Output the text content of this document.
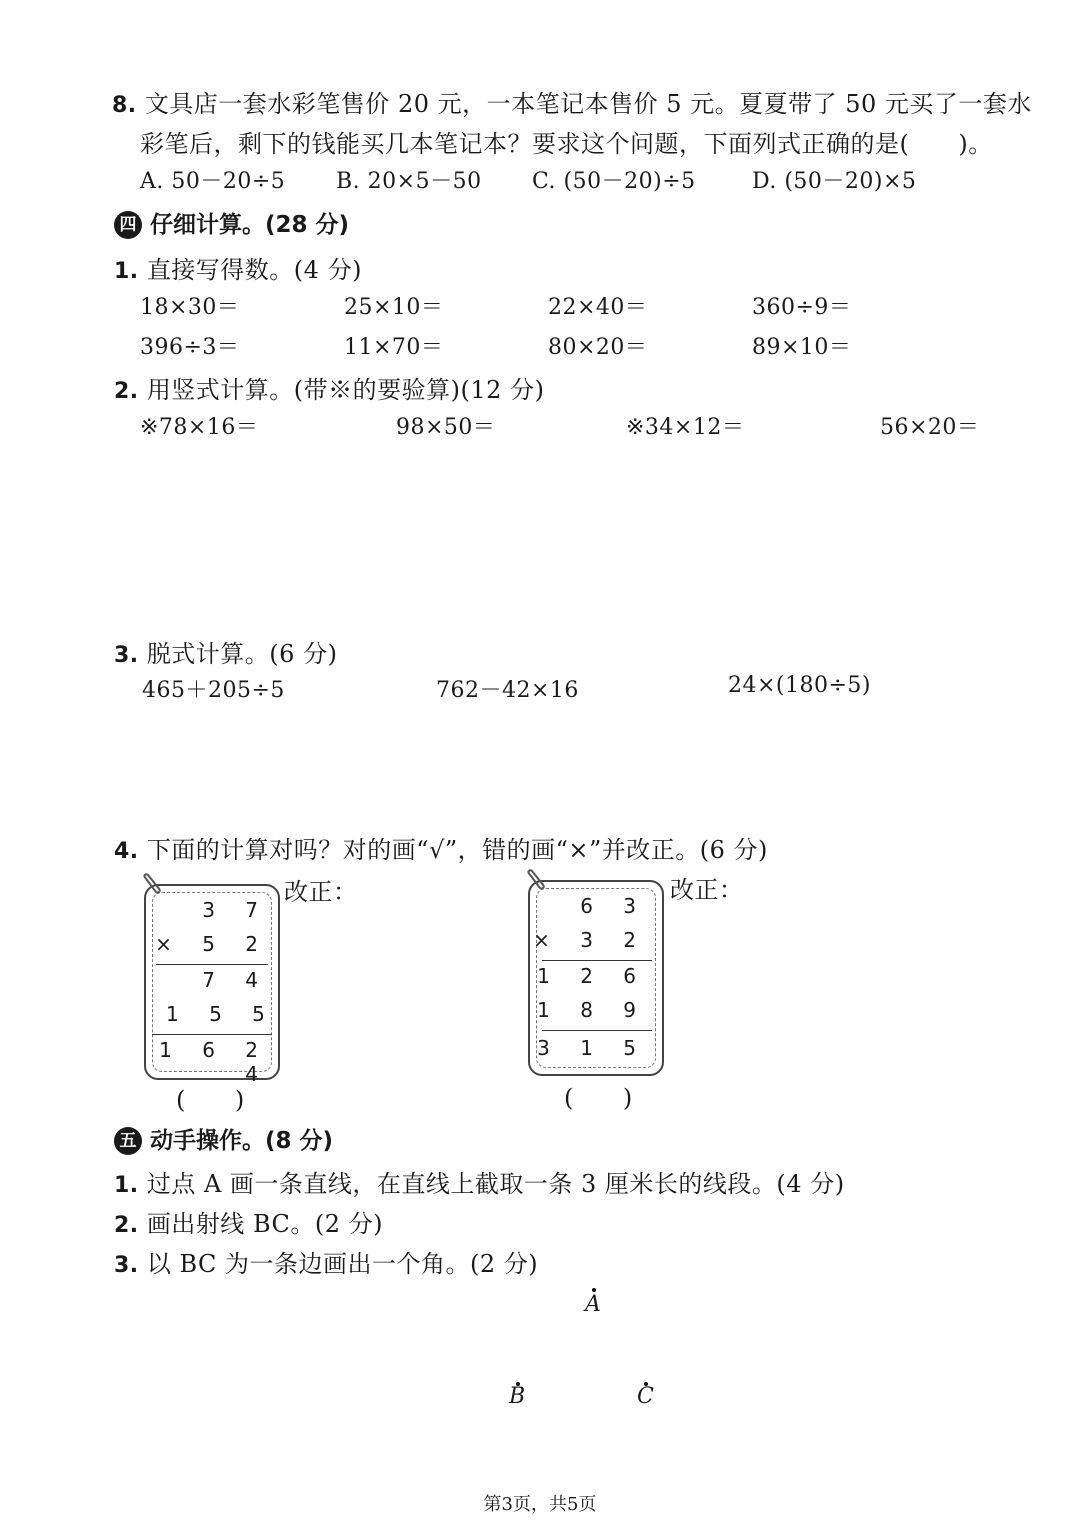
8. 文具店一套水彩笔售价 20 元，一本笔记本售价 5 元。夏夏带了 50 元买了一套水
彩笔后，剩下的钱能买几本笔记本？要求这个问题，下面列式正确的是(　　)。
A. 50－20÷5 B. 20×5－50 C. (50－20)÷5	D. (50－20)×5
四 仔细计算。(28 分)
1. 直接写得数。(4 分)
18×30＝	25×10＝	22×40＝	360÷9＝
396÷3＝	11×70＝	80×20＝	89×10＝
2. 用竖式计算。(带※的要验算)(12 分)
※78×16＝	98×50＝	※34×12＝	56×20＝
3. 脱式计算。(6 分)
465＋205÷5	762－42×16	24×(180÷5)
4. 下面的计算对吗？对的画“√”，错的画“×”并改正。(6 分)
3 7
× 5 2
7 4
1 5 5
1 6 2 4
改正：
(　　)
6 3
× 3 2
1 2 6
1 8 9
3 1 5
改正：
(　　)
五 动手操作。(8 分)
1. 过点 A 画一条直线，在直线上截取一条 3 厘米长的线段。(4 分)
2. 画出射线 BC。(2 分)
3. 以 BC 为一条边画出一个角。(2 分)
A
B	C
第3页，共5页
